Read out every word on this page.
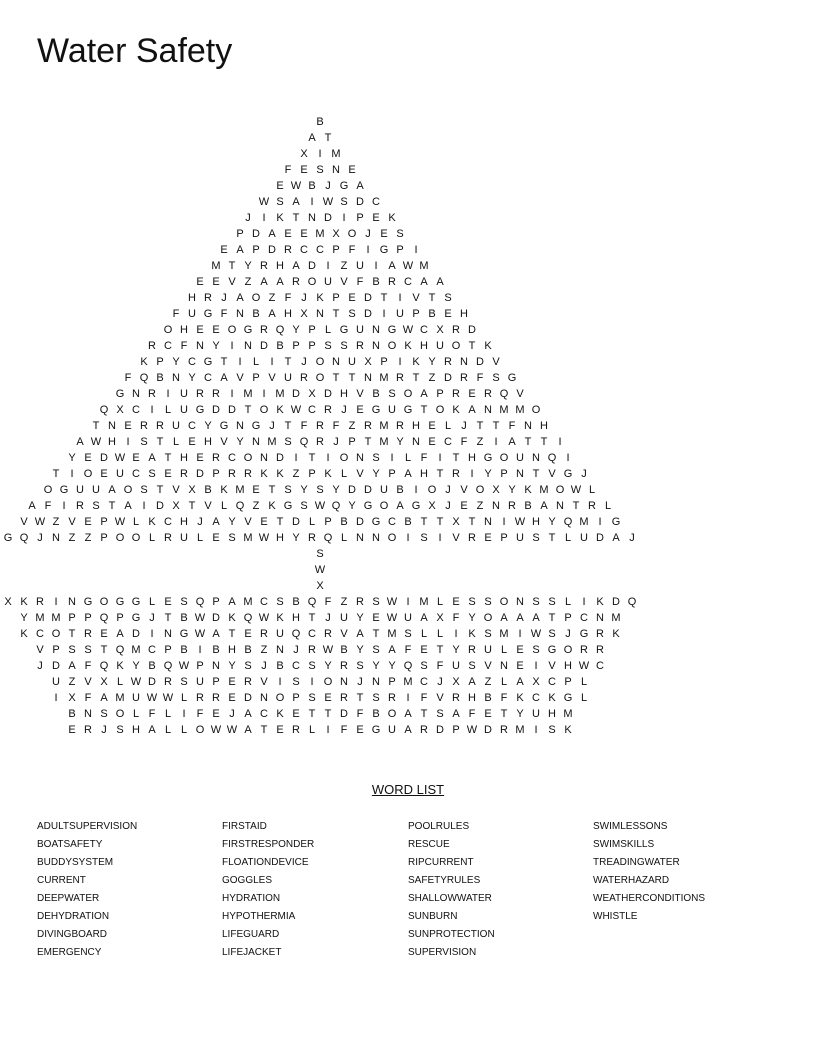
Water Safety
B
A T
X I M
F E S N E
E W B J G A
W S A I W S D C
J	I K T N D I P E K
P D A E E M X O J E S
E A P D R C C P F	I G P I
M T Y R H A D I	Z U I A W M
E E V Z A A R O U V F B R C A A
H R J A O Z F J K P E D T	I V T S
F U G F N B A H X N T S D I U P B E H
O H E E O G R Q Y P L G U N G W C X R D
R C F N Y I N D B P P S S R N O K H U O T K
K P Y C G T	I	L	I	T J O N U X P I K Y R N D V
F Q B N Y C A V P V U R O T T N M R T Z D R F S G
G N R I U R R I M I M D X D H V B S O A P R E R Q V
Q X C I	L U G D D T O K W C R J E G U G T O K A N M M O
T N E R R U C Y G N G J T F R F Z R M R H E L J T T F N H
A W H I S T L E H V Y N M S Q R J P T M Y N E C F Z	I A T T	I
Y E D W E A T H E R C O N D I	T	I O N S I	L F	I	T H G O U N Q I
T	I O E U C S E R D P R R K K Z P K L V Y P A H T R I Y P N T V G J
O G U U A O S T V X B K M E T S Y S Y D D U B I O J V O X Y K M O W L
A F	I R S T A I D X T V L Q Z K G S W Q Y G O A G X J E Z N R B A N T R L
V W Z V E P W L K C H J A Y V E T D L P B D G C B T T X T N I W H Y Q M I G
G Q J N Z Z P O O L R U L E S M W H Y R Q L N N O I S I V R E P U S T L U D A J
S
W
X
X K R I N G O G G L E S Q P A M C S B Q F Z R S W I M L E S S O N S S L	I K D Q
Y M M P P Q P G J T B W D K Q W K H T J U Y E W U A X F Y O A A A T P C N M
K C O T R E A D I N G W A T E R U Q C R V A T M S L L	I K S M I W S J G R K
V P S S T Q M C P B I B H B Z N J R W B Y S A F E T Y R U L E S G O R R
J D A F Q K Y B Q W P N Y S J B C S Y R S Y Y Q S F U S V N E I V H W C
U Z V X L W D R S U P E R V I S I O N J N P M C J X A Z L A X C P L
I X F A M U W W L R R E D N O P S E R T S R I	F V R H B F K C K G L
B N S O L F L	I	F E J A C K E T T D F B O A T S A F E T Y U H M
E R J S H A L L O W W A T E R L	I	F E G U A R D P W D R M I S K
WORD LIST
ADULTSUPERVISION
BOATSAFETY
BUDDYSYSTEM
CURRENT
DEEPWATER
DEHYDRATION
DIVINGBOARD
EMERGENCY
FIRSTAID
FIRSTRESPONDER
FLOATIONDEVICE
GOGGLES
HYDRATION
HYPOTHERMIA
LIFEGUARD
LIFEJACKET
POOLRULES
RESCUE
RIPCURRENT
SAFETYRULES
SHALLOWWATER
SUNBURN
SUNPROTECTION
SUPERVISION
SWIMLESSONS
SWIMSKILLS
TREADINGWATER
WATERHAZARD
WEATHERCONDITIONS
WHISTLE
